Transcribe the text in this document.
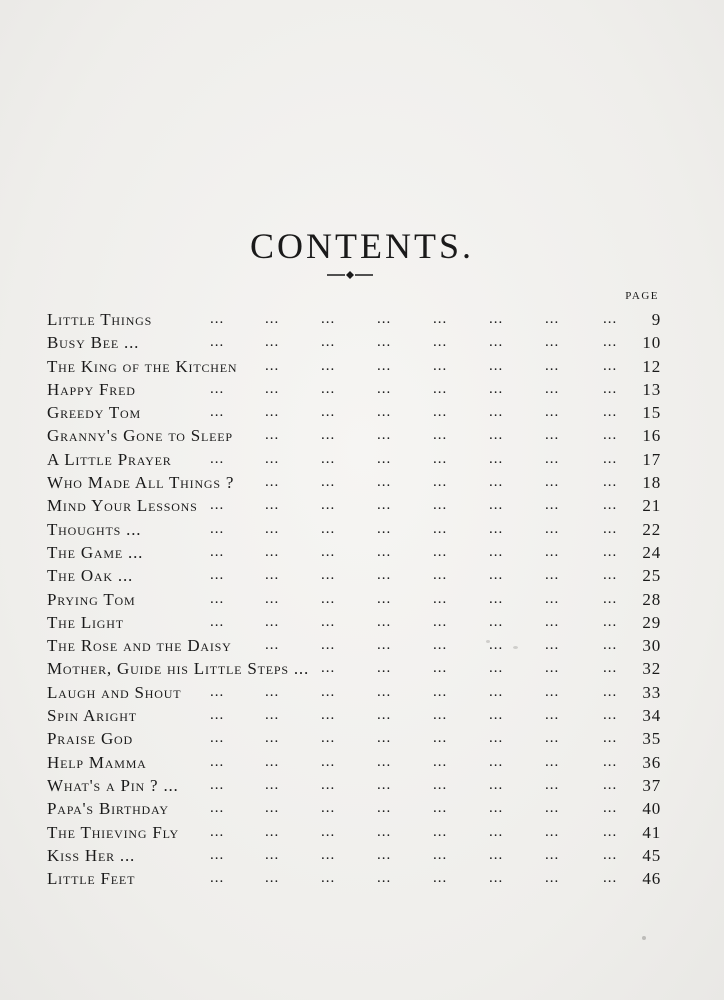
CONTENTS.
PAGE
Little Things	9
...	...	...	...	...	...	...	...
Busy Bee ...	10
...	...	...	...	...	...	...	...
The King of the Kitchen	12
...	...	...	...	...	...	...
Happy Fred	13
...	...	...	...	...	...	...	...
Greedy Tom	15
...	...	...	...	...	...	...	...
Granny's Gone to Sleep	16
...	...	...	...	...	...	...
A Little Prayer	17
...	...	...	...	...	...	...	...
Who Made All Things ?	18
...	...	...	...	...	...	...
Mind Your Lessons	21
...	...	...	...	...	...	...	...
Thoughts ...	22
...	...	...	...	...	...	...	...
The Game ...	24
...	...	...	...	...	...	...	...
The Oak ...	25
...	...	...	...	...	...	...	...
Prying Tom	28
...	...	...	...	...	...	...	...
The Light	29
...	...	...	...	...	...	...	...
The Rose and the Daisy	30
...	...	...	...	...	...	...
Mother, Guide his Little Steps ...	32
...	...	...	...	...	...
Laugh and Shout	33
...	...	...	...	...	...	...	...
Spin Aright	34
...	...	...	...	...	...	...	...
Praise God	35
...	...	...	...	...	...	...	...
Help Mamma	36
...	...	...	...	...	...	...	...
What's a Pin ? ...	37
...	...	...	...	...	...	...	...
Papa's Birthday	40
...	...	...	...	...	...	...	...
The Thieving Fly	41
...	...	...	...	...	...	...	...
Kiss Her ...	45
...	...	...	...	...	...	...	...
Little Feet	46
...	...	...	...	...	...	...	...
